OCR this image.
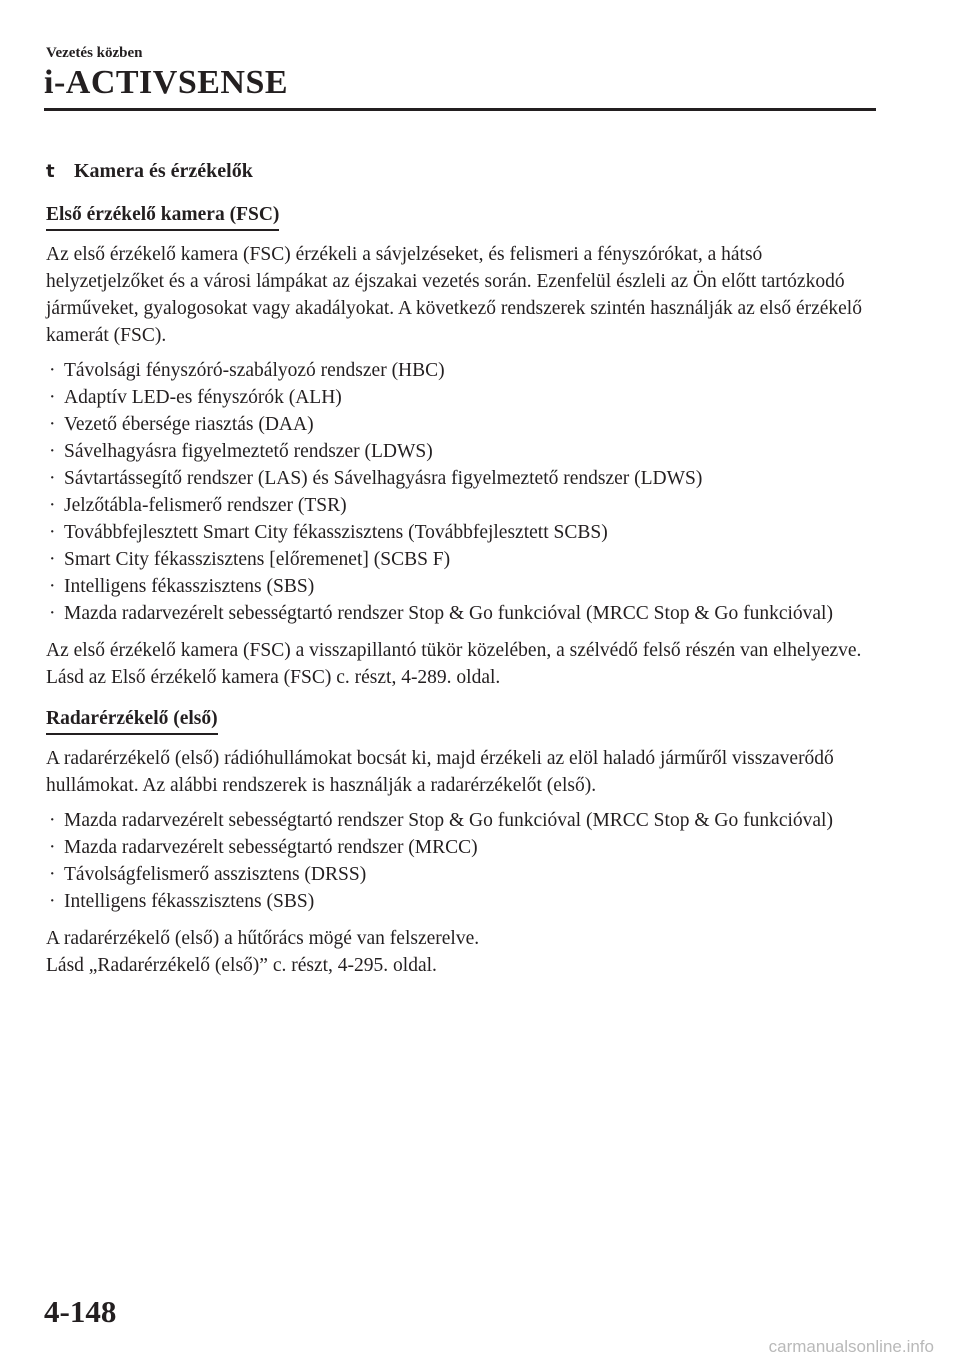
Vezetés közben
i-ACTIVSENSE
t Kamera és érzékelők
Első érzékelő kamera (FSC)

Az első érzékelő kamera (FSC) érzékeli a sávjelzéseket, és felismeri a fényszórókat, a hátsó helyzetjelzőket és a városi lámpákat az éjszakai vezetés során. Ezenfelül észleli az Ön előtt tartózkodó járműveket, gyalogosokat vagy akadályokat. A következő rendszerek szintén használják az első érzékelő kamerát (FSC).

· Távolsági fényszóró-szabályozó rendszer (HBC)
· Adaptív LED-es fényszórók (ALH)
· Vezető ébersége riasztás (DAA)
· Sávelhagyásra figyelmeztető rendszer (LDWS)
· Sávtartássegítő rendszer (LAS) és Sávelhagyásra figyelmeztető rendszer (LDWS)
· Jelzőtábla-felismerő rendszer (TSR)
· Továbbfejlesztett Smart City fékasszisztens (Továbbfejlesztett SCBS)
· Smart City fékasszisztens [előremenet] (SCBS F)
· Intelligens fékasszisztens (SBS)
· Mazda radarvezérelt sebességtartó rendszer Stop & Go funkcióval (MRCC Stop & Go funkcióval)

Az első érzékelő kamera (FSC) a visszapillantó tükör közelében, a szélvédő felső részén van elhelyezve.

Lásd az Első érzékelő kamera (FSC) c. részt, 4-289. oldal.

Radarérzékelő (első)

A radarérzékelő (első) rádióhullámokat bocsát ki, majd érzékeli az elöl haladó járműről visszaverődő hullámokat. Az alábbi rendszerek is használják a radarérzékelőt (első).

· Mazda radarvezérelt sebességtartó rendszer Stop & Go funkcióval (MRCC Stop & Go funkcióval)
· Mazda radarvezérelt sebességtartó rendszer (MRCC)
· Távolságfelismerő asszisztens (DRSS)
· Intelligens fékasszisztens (SBS)

A radarérzékelő (első) a hűtőrács mögé van felszerelve.

Lásd „Radarérzékelő (első)” c. részt, 4-295. oldal.

4-148
carmanualsonline.info
